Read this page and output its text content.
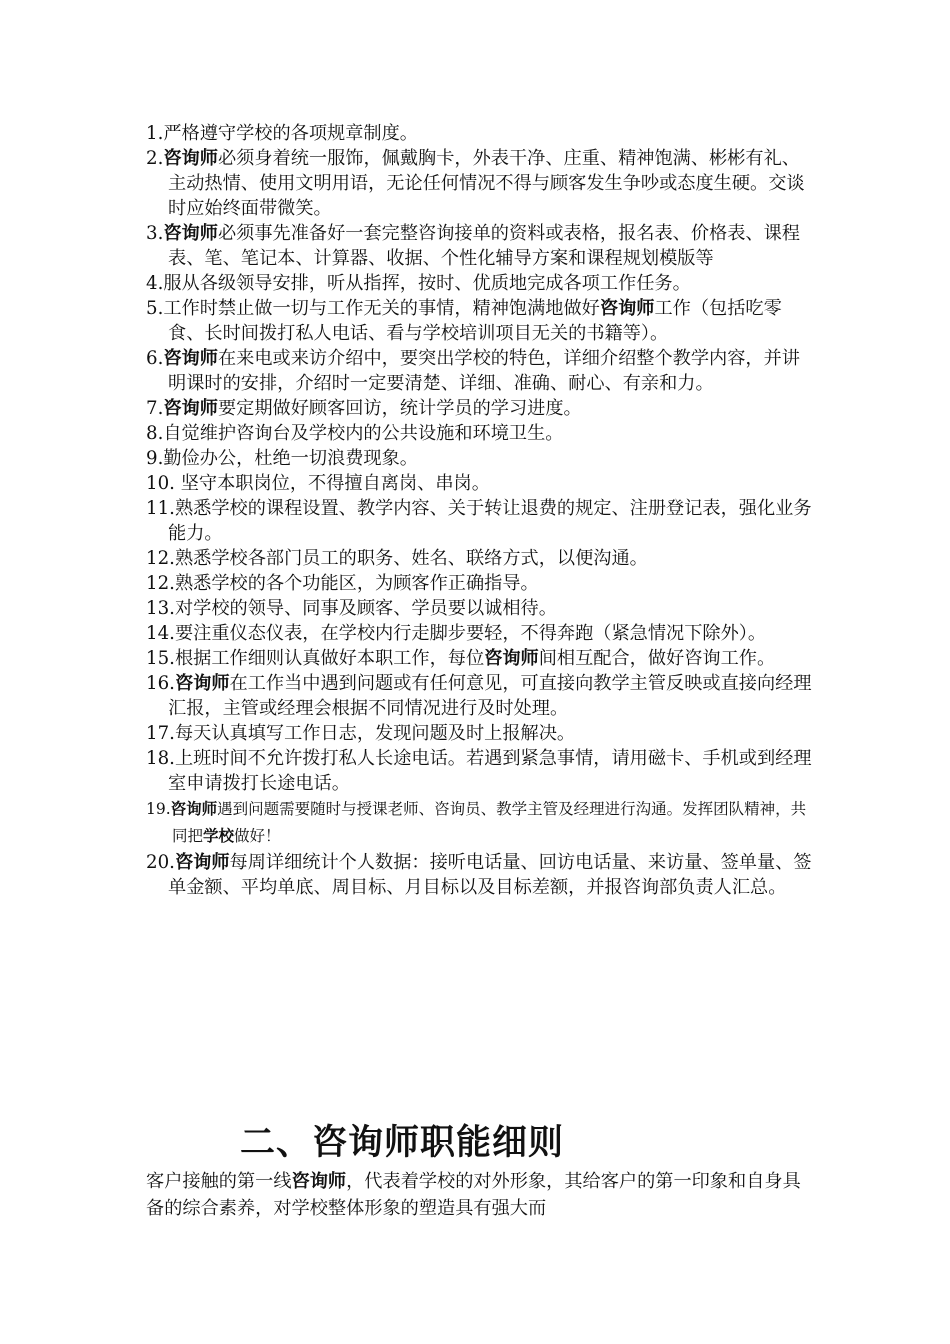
1.严格遵守学校的各项规章制度。
2.咨询师必须身着统一服饰，佩戴胸卡，外表干净、庄重、精神饱满、彬彬有礼、主动热情、使用文明用语，无论任何情况不得与顾客发生争吵或态度生硬。交谈时应始终面带微笑。
3.咨询师必须事先准备好一套完整咨询接单的资料或表格，报名表、价格表、课程表、笔、笔记本、计算器、收据、个性化辅导方案和课程规划模版等
4.服从各级领导安排，听从指挥，按时、优质地完成各项工作任务。
5.工作时禁止做一切与工作无关的事情，精神饱满地做好咨询师工作（包括吃零食、长时间拨打私人电话、看与学校培训项目无关的书籍等）。
6.咨询师在来电或来访介绍中，要突出学校的特色，详细介绍整个教学内容，并讲明课时的安排，介绍时一定要清楚、详细、准确、耐心、有亲和力。
7.咨询师要定期做好顾客回访，统计学员的学习进度。
8.自觉维护咨询台及学校内的公共设施和环境卫生。
9.勤俭办公，杜绝一切浪费现象。
10. 坚守本职岗位，不得擅自离岗、串岗。
11.熟悉学校的课程设置、教学内容、关于转让退费的规定、注册登记表，强化业务能力。
12.熟悉学校各部门员工的职务、姓名、联络方式，以便沟通。
12.熟悉学校的各个功能区，为顾客作正确指导。
13.对学校的领导、同事及顾客、学员要以诚相待。
14.要注重仪态仪表，在学校内行走脚步要轻，不得奔跑（紧急情况下除外）。
15.根据工作细则认真做好本职工作，每位咨询师间相互配合，做好咨询工作。
16.咨询师在工作当中遇到问题或有任何意见，可直接向教学主管反映或直接向经理汇报，主管或经理会根据不同情况进行及时处理。
17.每天认真填写工作日志，发现问题及时上报解决。
18.上班时间不允许拨打私人长途电话。若遇到紧急事情，请用磁卡、手机或到经理室申请拨打长途电话。
19.咨询师遇到问题需要随时与授课老师、咨询员、教学主管及经理进行沟通。发挥团队精神，共同把学校做好！
20.咨询师每周详细统计个人数据：接听电话量、回访电话量、来访量、签单量、签单金额、平均单底、周目标、月目标以及目标差额，并报咨询部负责人汇总。
二、咨询师职能细则

客户接触的第一线咨询师，代表着学校的对外形象，其给客户的第一印象和自身具备的综合素养，对学校整体形象的塑造具有强大而
